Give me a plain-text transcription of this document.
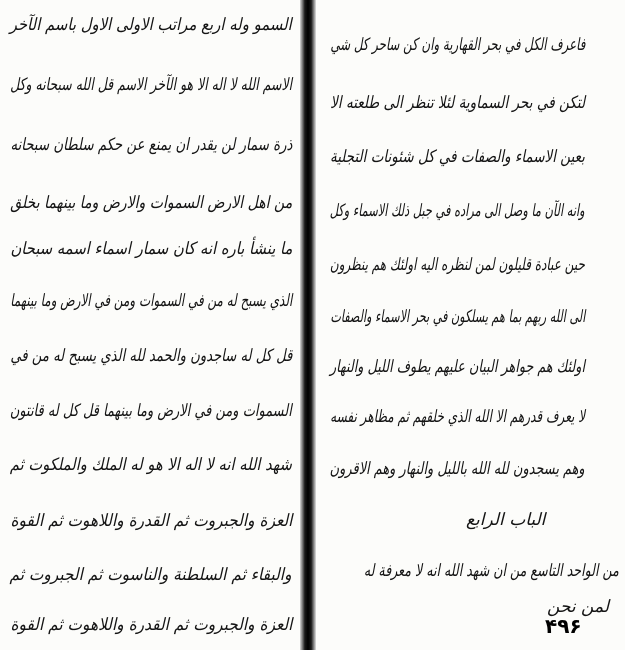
السمو وله اربع مراتب الاولى الاول باسم الآخر
الاسم الله لا اله الا هو الآخر الاسم قل الله سبحانه وكل
ذرة سمار لن يقدر ان يمنع عن حكم سلطان سبحانه
من اهل الارض السموات والارض وما بينهما بخلق
ما ينشأ باره انه كان سمار اسماء اسمه سبحان
الذي يسبح له من في السموات ومن في الارض وما بينهما
قل كل له ساجدون والحمد لله الذي يسبح له من في
السموات ومن في الارض وما بينهما قل كل له قانتون
شهد الله انه لا اله الا هو له الملك والملكوت ثم
العزة والجبروت ثم القدرة واللاهوت ثم القوة
والبقاء ثم السلطنة والناسوت ثم الجبروت ثم
العزة والجبروت ثم القدرة واللاهوت ثم القوة
فاعرف الكل في بحر القهارية وان كن ساحر كل شي
لتكن في بحر السماوية لئلا تنظر الى طلعته الا
بعين الاسماء والصفات في كل شئونات التجلية
وانه الآن ما وصل الى مراده في جبل ذلك الاسماء وكل
حين عبادة قليلون لمن لنظره اليه اولئك هم ينظرون
الى الله ربهم بما هم يسلكون في بحر الاسماء والصفات
اولئك هم جواهر البيان عليهم يطوف الليل والنهار
لا يعرف قدرهم الا الله الذي خلقهم ثم مظاهر نفسه
وهم يسجدون لله الله بالليل والنهار وهم الاقرون
الباب الرابع
من الواحد التاسع من ان شهد الله انه لا معرفة له
لمن نحن
۴۹۶
